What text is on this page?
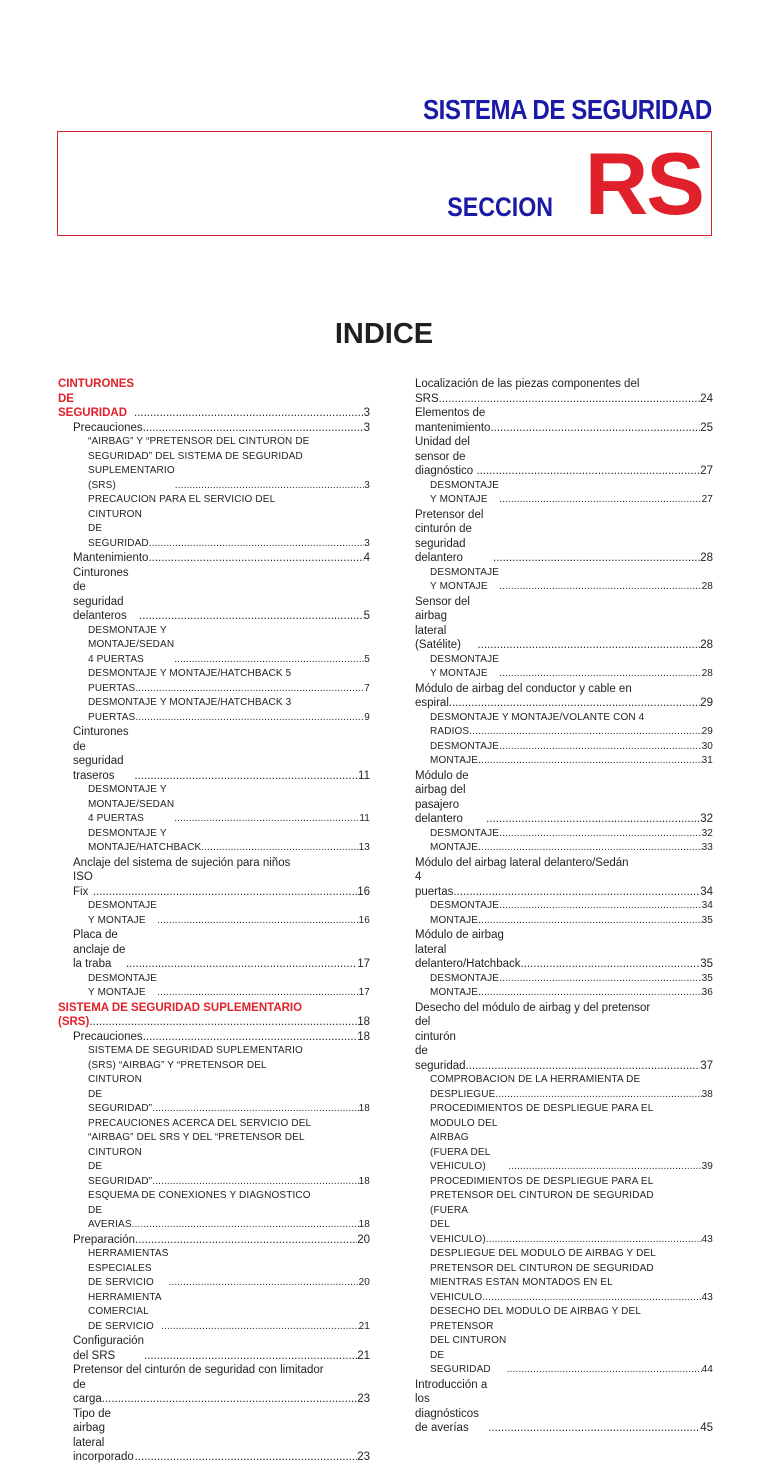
SISTEMA DE SEGURIDAD
SECCION RS
INDICE
CINTURONES DE SEGURIDAD .....	3
Precauciones .....	3
“AIRBAG” Y “PRETENSOR DEL CINTURON DE
SEGURIDAD” DEL SISTEMA DE SEGURIDAD
SUPLEMENTARIO (SRS) .....	3
PRECAUCION PARA EL SERVICIO DEL
CINTURON DE SEGURIDAD .....	3
Mantenimiento .....	4
Cinturones de seguridad delanteros .....	5
DESMONTAJE Y MONTAJE/SEDAN 4 PUERTAS .....	5
DESMONTAJE Y MONTAJE/HATCHBACK 5
PUERTAS .....	7
DESMONTAJE Y MONTAJE/HATCHBACK 3
PUERTAS .....	9
Cinturones de seguridad traseros .....	11
DESMONTAJE Y MONTAJE/SEDAN 4 PUERTAS .....	11
DESMONTAJE Y MONTAJE/HATCHBACK .....	13
Anclaje del sistema de sujeción para niños
ISO Fix .....	16
DESMONTAJE Y MONTAJE .....	16
Placa de anclaje de la traba .....	17
DESMONTAJE Y MONTAJE .....	17
SISTEMA DE SEGURIDAD SUPLEMENTARIO
(SRS) .....	18
Precauciones .....	18
SISTEMA DE SEGURIDAD SUPLEMENTARIO
(SRS) “AIRBAG” Y “PRETENSOR DEL
CINTURON DE SEGURIDAD” .....	18
PRECAUCIONES ACERCA DEL SERVICIO DEL
“AIRBAG” DEL SRS Y DEL “PRETENSOR DEL
CINTURON DE SEGURIDAD” .....	18
ESQUEMA DE CONEXIONES Y DIAGNOSTICO
DE AVERIAS .....	18
Preparación .....	20
HERRAMIENTAS ESPECIALES DE SERVICIO .....	20
HERRAMIENTA COMERCIAL DE SERVICIO .....	21
Configuración del SRS .....	21
Pretensor del cinturón de seguridad con limitador
de carga .....	23
Tipo de airbag lateral incorporado .....	23
Localización de las piezas componentes del
SRS .....	24
Elementos de mantenimiento .....	25
Unidad del sensor de diagnóstico .....	27
DESMONTAJE Y MONTAJE .....	27
Pretensor del cinturón de seguridad delantero .....	28
DESMONTAJE Y MONTAJE .....	28
Sensor del airbag lateral (Satélite) .....	28
DESMONTAJE Y MONTAJE .....	28
Módulo de airbag del conductor y cable en
espiral .....	29
DESMONTAJE Y MONTAJE/VOLANTE CON 4
RADIOS .....	29
DESMONTAJE .....	30
MONTAJE .....	31
Módulo de airbag del pasajero delantero .....	32
DESMONTAJE .....	32
MONTAJE .....	33
Módulo del airbag lateral delantero/Sedán
4 puertas .....	34
DESMONTAJE .....	34
MONTAJE .....	35
Módulo de airbag lateral delantero/Hatchback .....	35
DESMONTAJE .....	35
MONTAJE .....	36
Desecho del módulo de airbag y del pretensor
del cinturón de seguridad .....	37
COMPROBACION DE LA HERRAMIENTA DE
DESPLIEGUE .....	38
PROCEDIMIENTOS DE DESPLIEGUE PARA EL
MODULO DEL AIRBAG (FUERA DEL VEHICULO) .....	39
PROCEDIMIENTOS DE DESPLIEGUE PARA EL
PRETENSOR DEL CINTURON DE SEGURIDAD
(FUERA DEL VEHICULO) .....	43
DESPLIEGUE DEL MODULO DE AIRBAG Y DEL
PRETENSOR DEL CINTURON DE SEGURIDAD
MIENTRAS ESTAN MONTADOS EN EL
VEHICULO .....	43
DESECHO DEL MODULO DE AIRBAG Y DEL
PRETENSOR DEL CINTURON DE SEGURIDAD .....	44
Introducción a los diagnósticos de averías .....	45
